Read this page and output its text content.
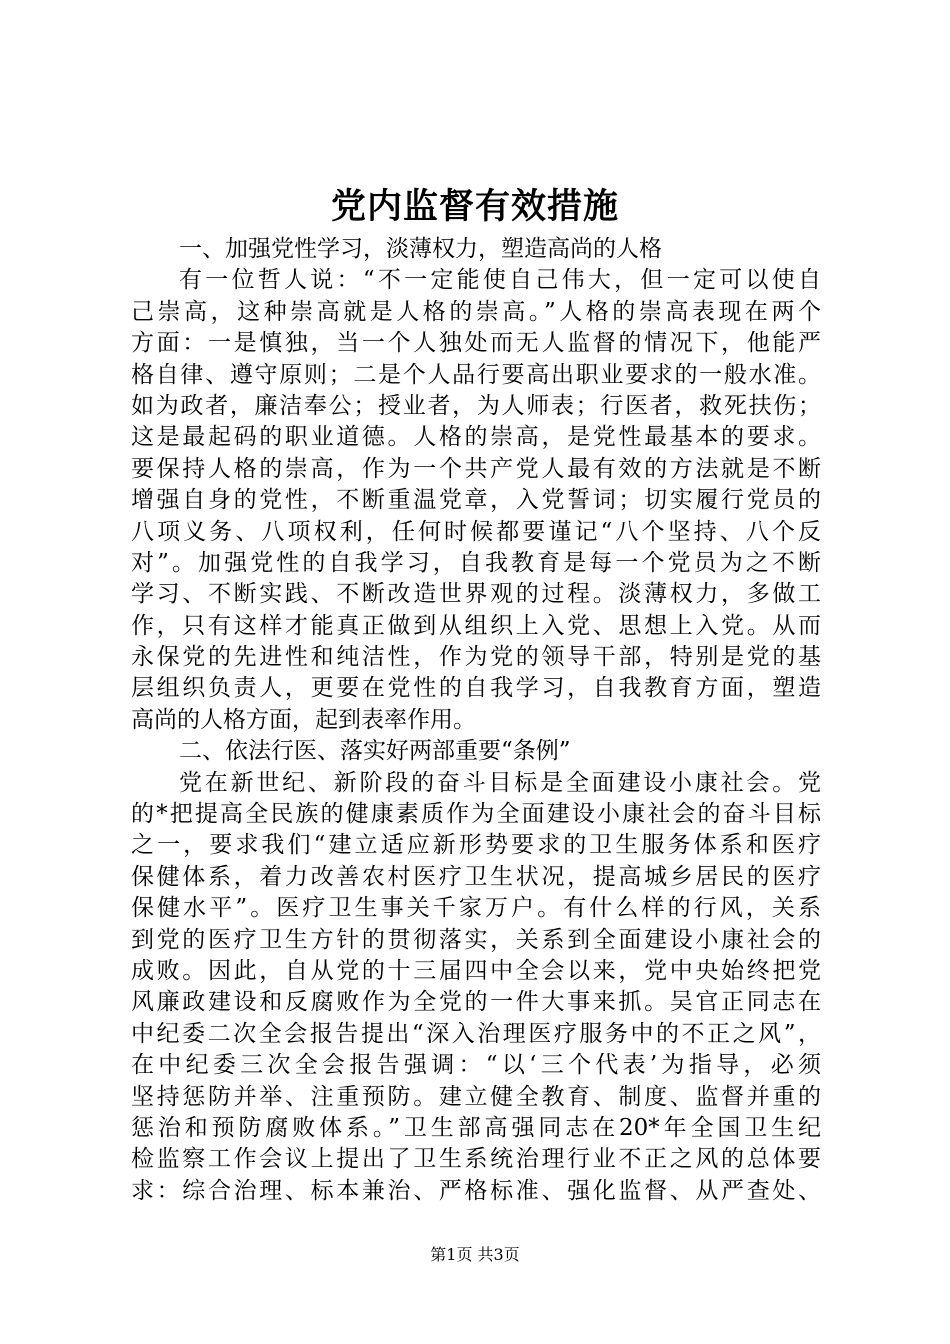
党内监督有效措施
一、加强党性学习，淡薄权力，塑造高尚的人格
有一位哲人说：“不一定能使自己伟大，但一定可以使自
己崇高，这种崇高就是人格的崇高。”人格的崇高表现在两个
方面：一是慎独，当一个人独处而无人监督的情况下，他能严
格自律、遵守原则；二是个人品行要高出职业要求的一般水准。
如为政者，廉洁奉公；授业者，为人师表；行医者，救死扶伤；
这是最起码的职业道德。人格的崇高，是党性最基本的要求。
要保持人格的崇高，作为一个共产党人最有效的方法就是不断
增强自身的党性，不断重温党章，入党誓词；切实履行党员的
八项义务、八项权利，任何时候都要谨记“八个坚持、八个反
对”。加强党性的自我学习，自我教育是每一个党员为之不断
学习、不断实践、不断改造世界观的过程。淡薄权力，多做工
作，只有这样才能真正做到从组织上入党、思想上入党。从而
永保党的先进性和纯洁性，作为党的领导干部，特别是党的基
层组织负责人，更要在党性的自我学习，自我教育方面，塑造
高尚的人格方面，起到表率作用。
二、依法行医、落实好两部重要“条例”
党在新世纪、新阶段的奋斗目标是全面建设小康社会。党
的*把提高全民族的健康素质作为全面建设小康社会的奋斗目标
之一，要求我们“建立适应新形势要求的卫生服务体系和医疗
保健体系，着力改善农村医疗卫生状况，提高城乡居民的医疗
保健水平”。医疗卫生事关千家万户。有什么样的行风，关系
到党的医疗卫生方针的贯彻落实，关系到全面建设小康社会的
成败。因此，自从党的十三届四中全会以来，党中央始终把党
风廉政建设和反腐败作为全党的一件大事来抓。吴官正同志在
中纪委二次全会报告提出“深入治理医疗服务中的不正之风”，
在中纪委三次全会报告强调：“以‘三个代表’为指导，必须
坚持惩防并举、注重预防。建立健全教育、制度、监督并重的
惩治和预防腐败体系。”卫生部高强同志在20*年全国卫生纪
检监察工作会议上提出了卫生系统治理行业不正之风的总体要
求：综合治理、标本兼治、严格标准、强化监督、从严查处、
第1页 共3页
